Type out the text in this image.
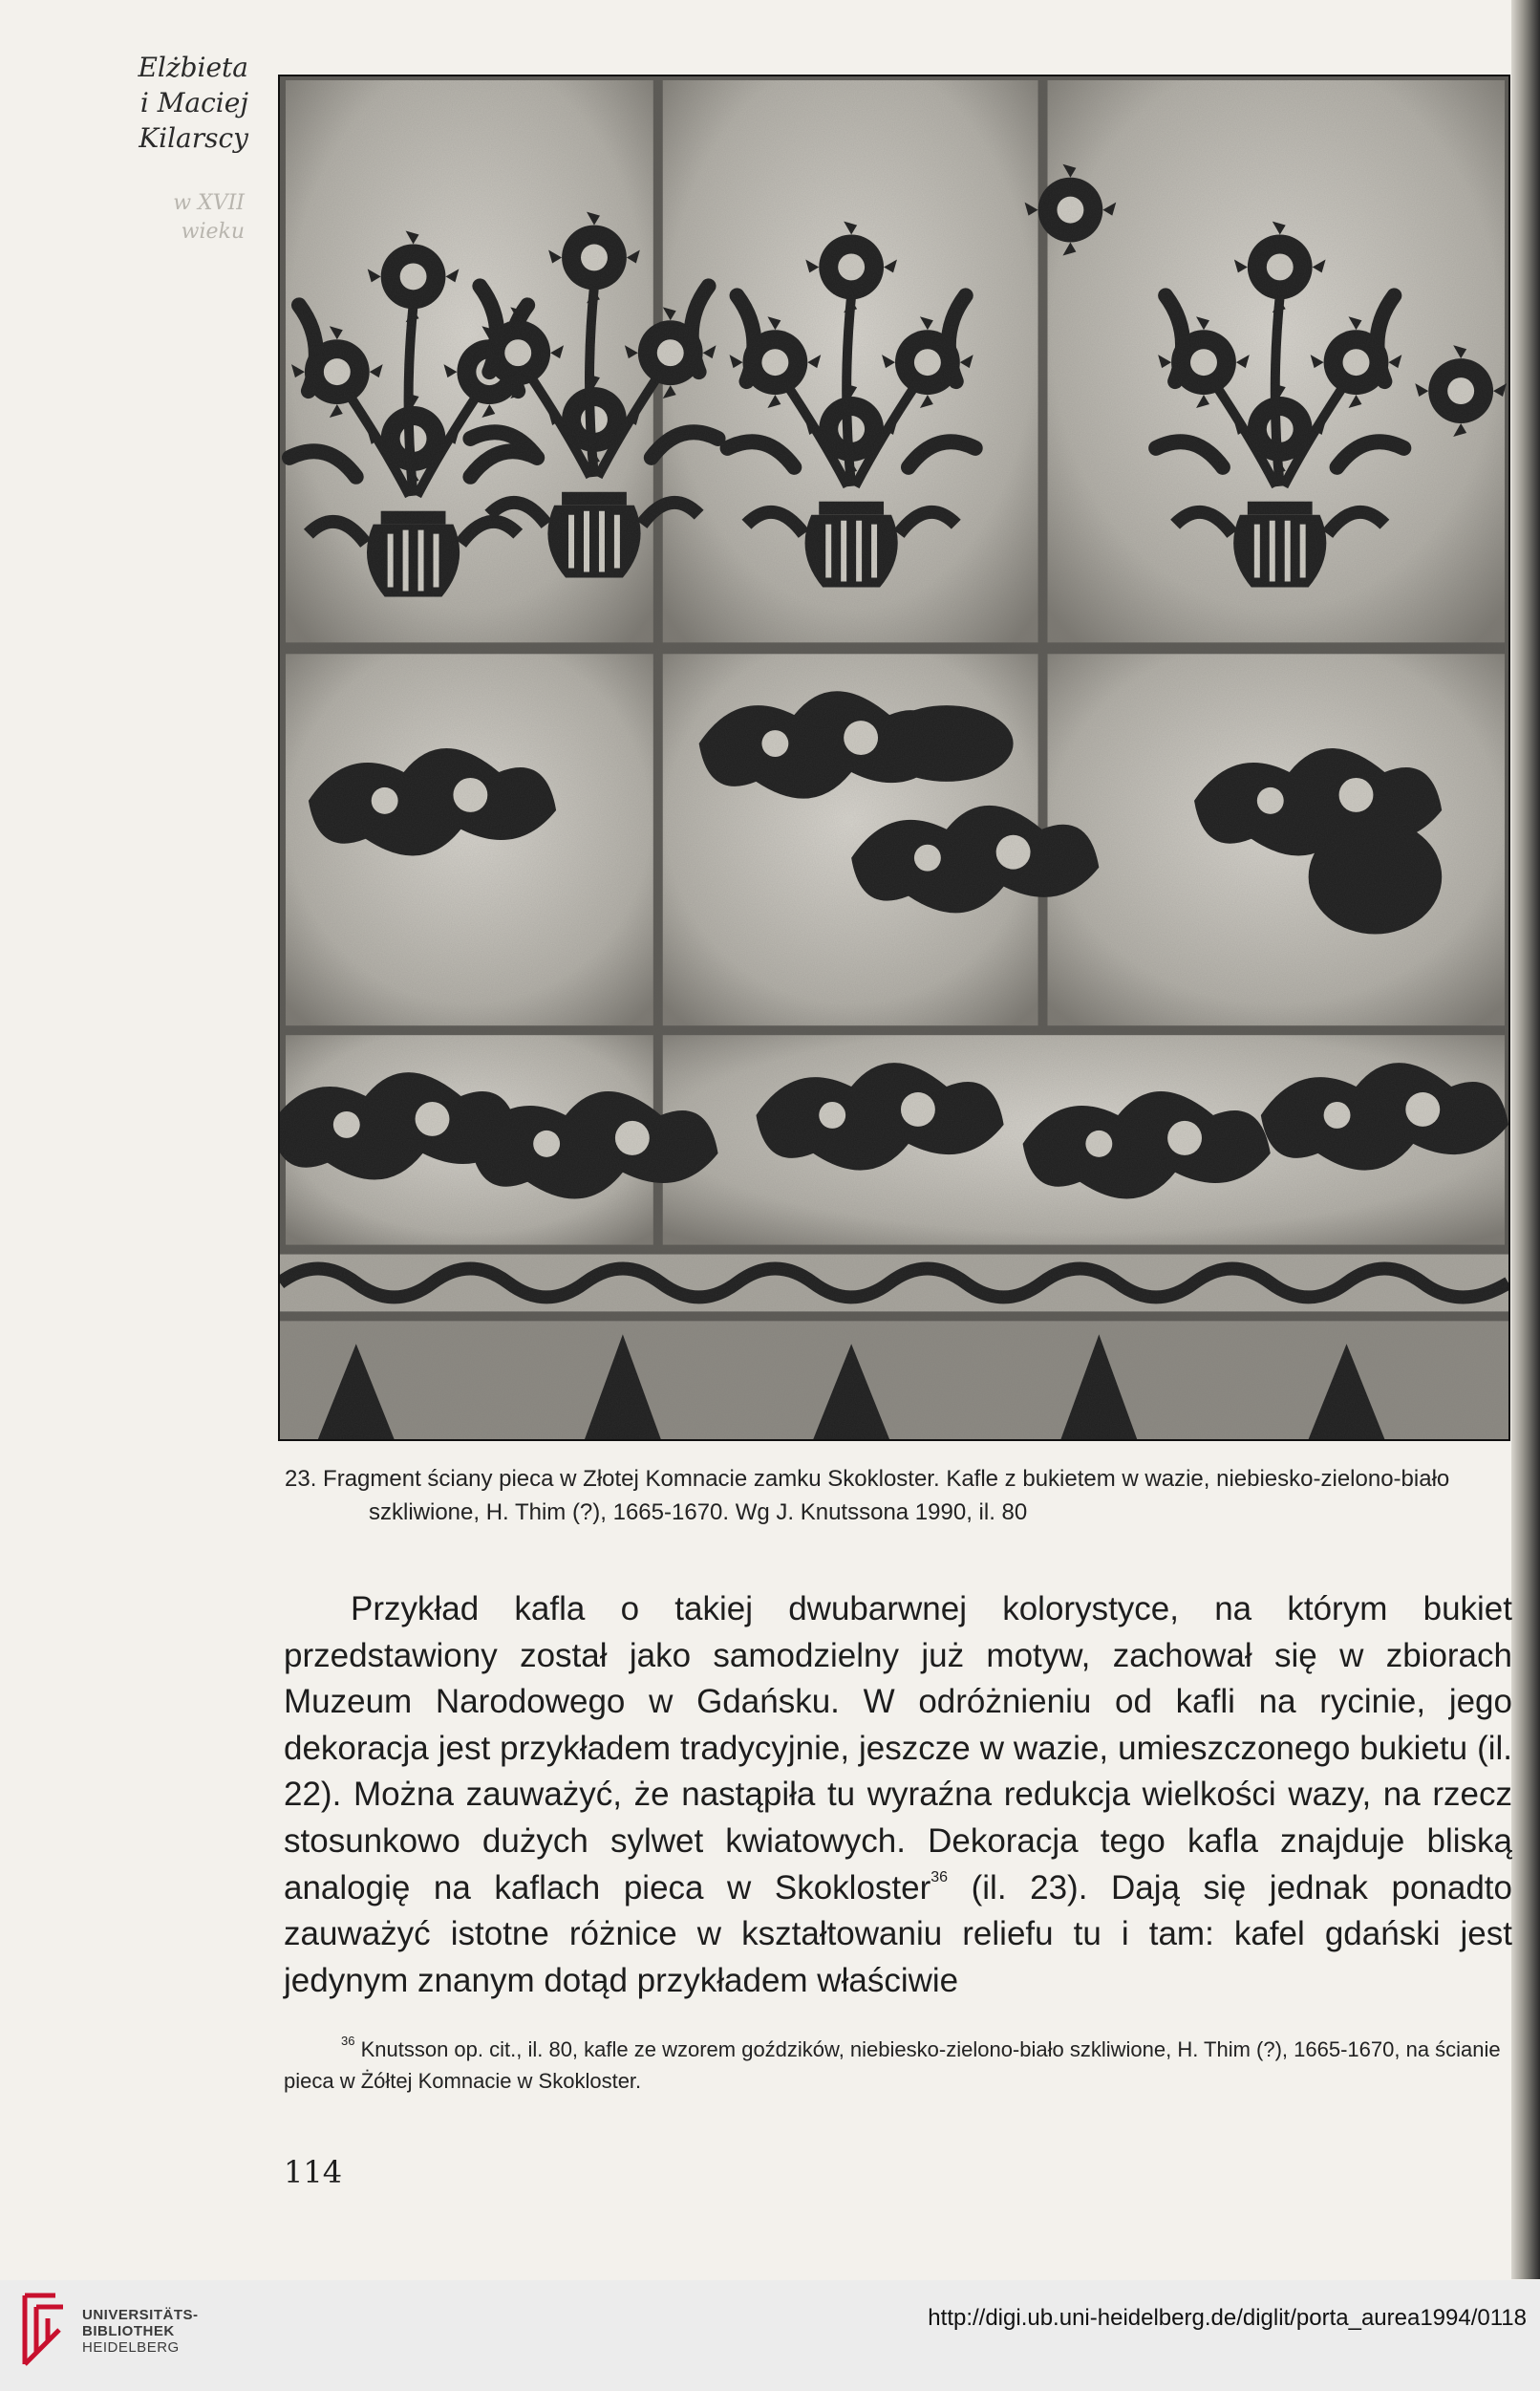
Elżbieta
i Maciej
Kilarscy
w XVII
wieku
23. Fragment ściany pieca w Złotej Komnacie zamku Skokloster. Kafle z bukietem w wazie, niebiesko-zielono-biało szkliwione, H. Thim (?), 1665-1670. Wg J. Knutssona 1990, il. 80

Przykład kafla o takiej dwubarwnej kolorystyce, na którym bukiet przedstawiony został jako samodzielny już motyw, zachował się w zbiorach Muzeum Narodowego w Gdańsku. W odróżnieniu od kafli na rycinie, jego dekoracja jest przykładem tradycyjnie, jeszcze w wazie, umieszczonego bukietu (il. 22). Można zauważyć, że nastąpiła tu wyraźna redukcja wielkości wazy, na rzecz stosunkowo dużych sylwet kwiatowych. Dekoracja tego kafla znajduje bliską analogię na kaflach pieca w Skokloster$^{36}$ (il. 23). Dają się jednak ponadto zauważyć istotne różnice w kształtowaniu reliefu tu i tam: kafel gdański jest jedynym znanym dotąd przykładem właściwie

$^{36}$ Knutsson op. cit., il. 80, kafle ze wzorem goździków, niebiesko-zielono-biało szkliwione, H. Thim (?), 1665-1670, na ścianie pieca w Żółtej Komnacie w Skokloster.

114
UNIVERSITÄTS-
BIBLIOTHEK
HEIDELBERG
http://digi.ub.uni-heidelberg.de/diglit/porta_aurea1994/0118
